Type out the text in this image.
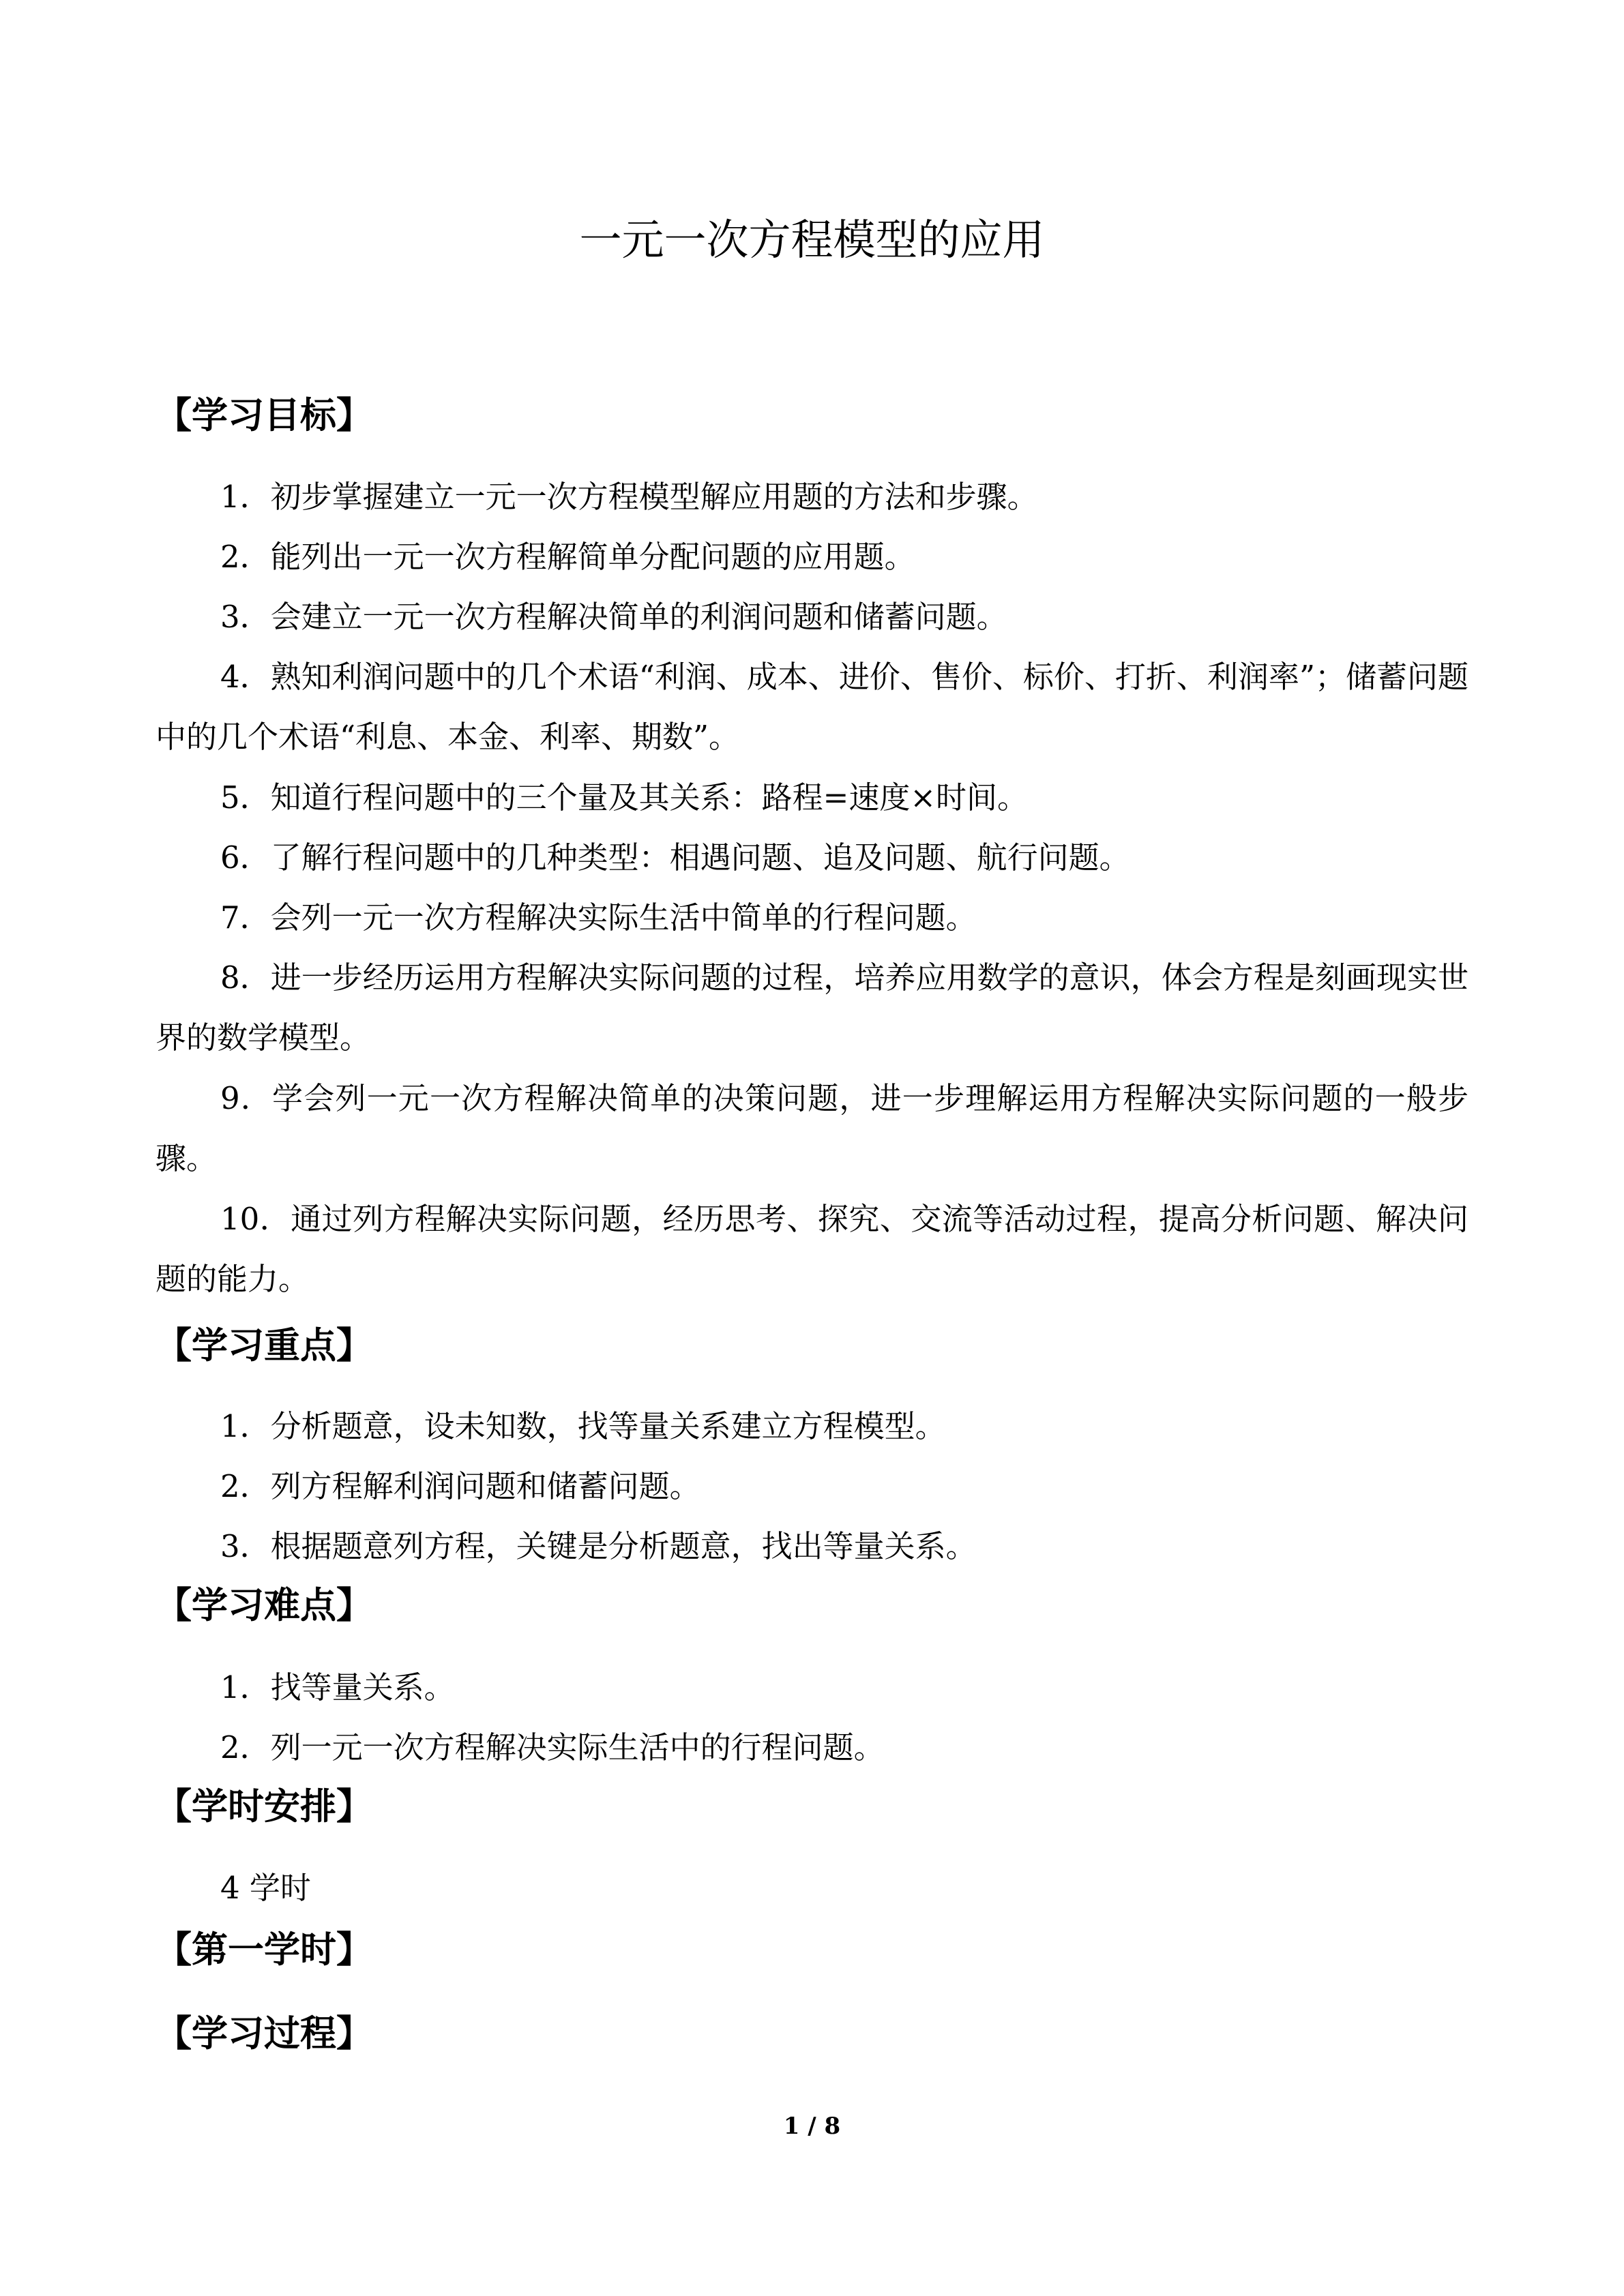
一元一次方程模型的应用
【学习目标】

1．初步掌握建立一元一次方程模型解应用题的方法和步骤。

2．能列出一元一次方程解简单分配问题的应用题。

3．会建立一元一次方程解决简单的利润问题和储蓄问题。

4．熟知利润问题中的几个术语“利润、成本、进价、售价、标价、打折、利润率”；储蓄问题中的几个术语“利息、本金、利率、期数”。

5．知道行程问题中的三个量及其关系：路程=速度×时间。

6．了解行程问题中的几种类型：相遇问题、追及问题、航行问题。

7．会列一元一次方程解决实际生活中简单的行程问题。

8．进一步经历运用方程解决实际问题的过程，培养应用数学的意识，体会方程是刻画现实世界的数学模型。

9．学会列一元一次方程解决简单的决策问题，进一步理解运用方程解决实际问题的一般步骤。

10．通过列方程解决实际问题，经历思考、探究、交流等活动过程，提高分析问题、解决问题的能力。

【学习重点】

1．分析题意，设未知数，找等量关系建立方程模型。

2．列方程解利润问题和储蓄问题。

3．根据题意列方程，关键是分析题意，找出等量关系。

【学习难点】

1．找等量关系。

2．列一元一次方程解决实际生活中的行程问题。

【学时安排】

4 学时

【第一学时】
【学习过程】
1 / 8
